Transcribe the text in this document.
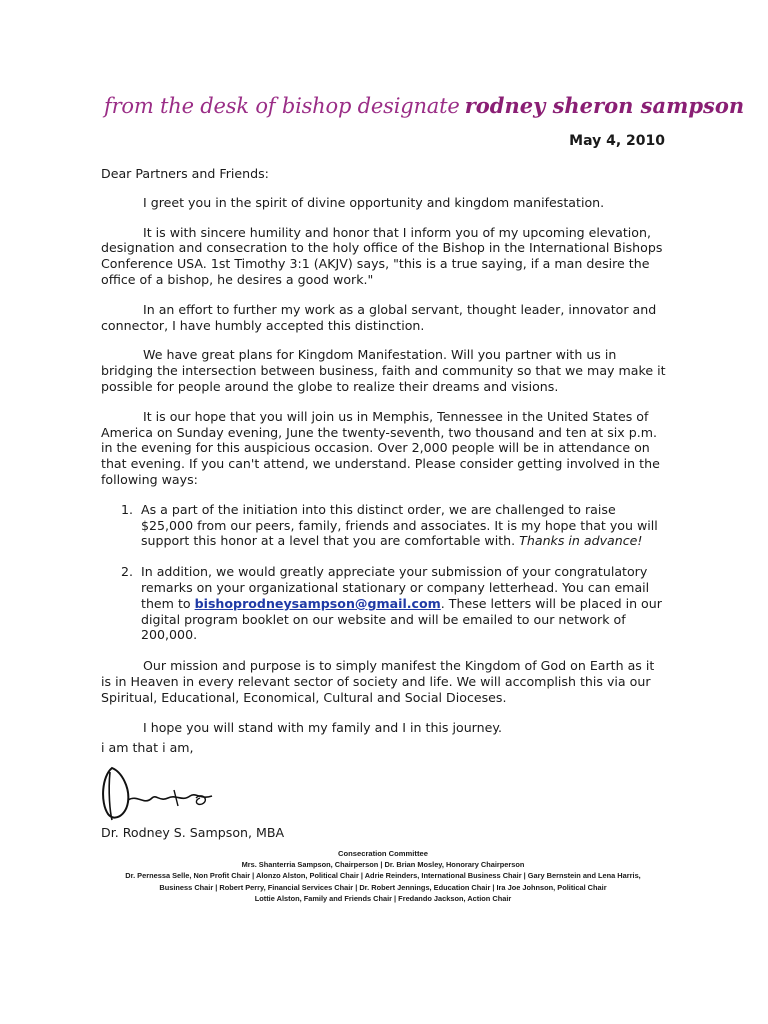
from the desk of bishop designate rodney sheron sampson
May 4, 2010

Dear Partners and Friends:

I greet you in the spirit of divine opportunity and kingdom manifestation.

It is with sincere humility and honor that I inform you of my upcoming elevation, designation and consecration to the holy office of the Bishop in the International Bishops Conference USA. 1st Timothy 3:1 (AKJV) says, "this is a true saying, if a man desire the office of a bishop, he desires a good work."

In an effort to further my work as a global servant, thought leader, innovator and connector, I have humbly accepted this distinction.

We have great plans for Kingdom Manifestation. Will you partner with us in bridging the intersection between business, faith and community so that we may make it possible for people around the globe to realize their dreams and visions.

It is our hope that you will join us in Memphis, Tennessee in the United States of America on Sunday evening, June the twenty-seventh, two thousand and ten at six p.m. in the evening for this auspicious occasion. Over 2,000 people will be in attendance on that evening. If you can't attend, we understand. Please consider getting involved in the following ways:

1. As a part of the initiation into this distinct order, we are challenged to raise $25,000 from our peers, family, friends and associates. It is my hope that you will support this honor at a level that you are comfortable with. Thanks in advance!
2. In addition, we would greatly appreciate your submission of your congratulatory remarks on your organizational stationary or company letterhead. You can email them to bishoprodneysampson@gmail.com. These letters will be placed in our digital program booklet on our website and will be emailed to our network of 200,000.

Our mission and purpose is to simply manifest the Kingdom of God on Earth as it is in Heaven in every relevant sector of society and life. We will accomplish this via our Spiritual, Educational, Economical, Cultural and Social Dioceses.

I hope you will stand with my family and I in this journey.

i am that i am,
Dr. Rodney S. Sampson, MBA
Consecration Committee
Mrs. Shanterria Sampson, Chairperson | Dr. Brian Mosley, Honorary Chairperson
Dr. Pernessa Selle, Non Profit Chair | Alonzo Alston, Political Chair | Adrie Reinders, International Business Chair | Gary Bernstein and Lena Harris,
Business Chair | Robert Perry, Financial Services Chair | Dr. Robert Jennings, Education Chair | Ira Joe Johnson, Political Chair
Lottie Alston, Family and Friends Chair | Fredando Jackson, Action Chair
